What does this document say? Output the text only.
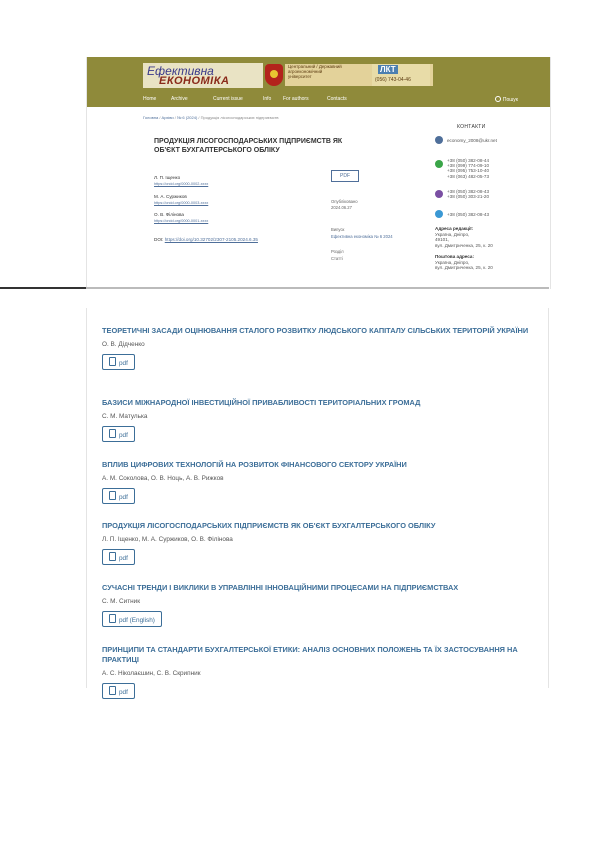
Ефективна
ЕКОНОМІКА
Центральний / Державний
агроекономічний
університет
ЛКТ
(056) 743-04-46
Home	Archive	Current issue	Info For authors	Contacts	Пошук
Головна / Архіви / № 6 (2024) / Продукція лісогосподарських підприємств
ПРОДУКЦІЯ ЛІСОГОСПОДАРСЬКИХ ПІДПРИЄМСТВ ЯК ОБ'ЄКТ БУХГАЛТЕРСЬКОГО ОБЛІКУ
Л. П. Іщенко
https://orcid.org/0000-0002-xxxx
М. А. Суржиков
https://orcid.org/0000-0003-xxxx
О. В. Філінова
https://orcid.org/0000-0001-xxxx
DOI: https://doi.org/10.32702/2307-2105.2024.6.35
PDF
Опубліковано
2024.06.27
Випуск
Ефективна економіка № 6 2024
Розділ
Статті
КОНТАКТИ
economy_2008@ukr.net
+38 (050) 382-08-44
+38 (099) 774-09-10
+38 (095) 753-10-40
+38 (063) 482-05-73
+38 (050) 382-08-43
+38 (050) 303-21-20
+38 (050) 382-08-43
Адреса редакції:
Україна, Дніпро,
49101,
вул. Дмитриченка, 25, к. 20
Поштова адреса:
Україна, Дніпро,
вул. Дмитриченка, 25, к. 20

ТЕОРЕТИЧНІ ЗАСАДИ ОЦІНЮВАННЯ СТАЛОГО РОЗВИТКУ ЛЮДСЬКОГО КАПІТАЛУ СІЛЬСЬКИХ ТЕРИТОРІЙ УКРАЇНИ

О. В. Дідченко
pdf

БАЗИСИ МІЖНАРОДНОЇ ІНВЕСТИЦІЙНОЇ ПРИВАБЛИВОСТІ ТЕРИТОРІАЛЬНИХ ГРОМАД

С. М. Матулька
pdf

ВПЛИВ ЦИФРОВИХ ТЕХНОЛОГІЙ НА РОЗВИТОК ФІНАНСОВОГО СЕКТОРУ УКРАЇНИ

А. М. Соколова, О. В. Ноць, А. В. Рижков
pdf

ПРОДУКЦІЯ ЛІСОГОСПОДАРСЬКИХ ПІДПРИЄМСТВ ЯК ОБ'ЄКТ БУХГАЛТЕРСЬКОГО ОБЛІКУ

Л. П. Іщенко, М. А. Суржиков, О. В. Філінова
pdf

СУЧАСНІ ТРЕНДИ І ВИКЛИКИ В УПРАВЛІННІ ІННОВАЦІЙНИМИ ПРОЦЕСАМИ НА ПІДПРИЄМСТВАХ

С. М. Ситник
pdf (English)

ПРИНЦИПИ ТА СТАНДАРТИ БУХГАЛТЕРСЬКОЇ ЕТИКИ: АНАЛІЗ ОСНОВНИХ ПОЛОЖЕНЬ ТА ЇХ ЗАСТОСУВАННЯ НА ПРАКТИЦІ

А. С. Ніколаєшин, С. В. Скрипник
pdf
